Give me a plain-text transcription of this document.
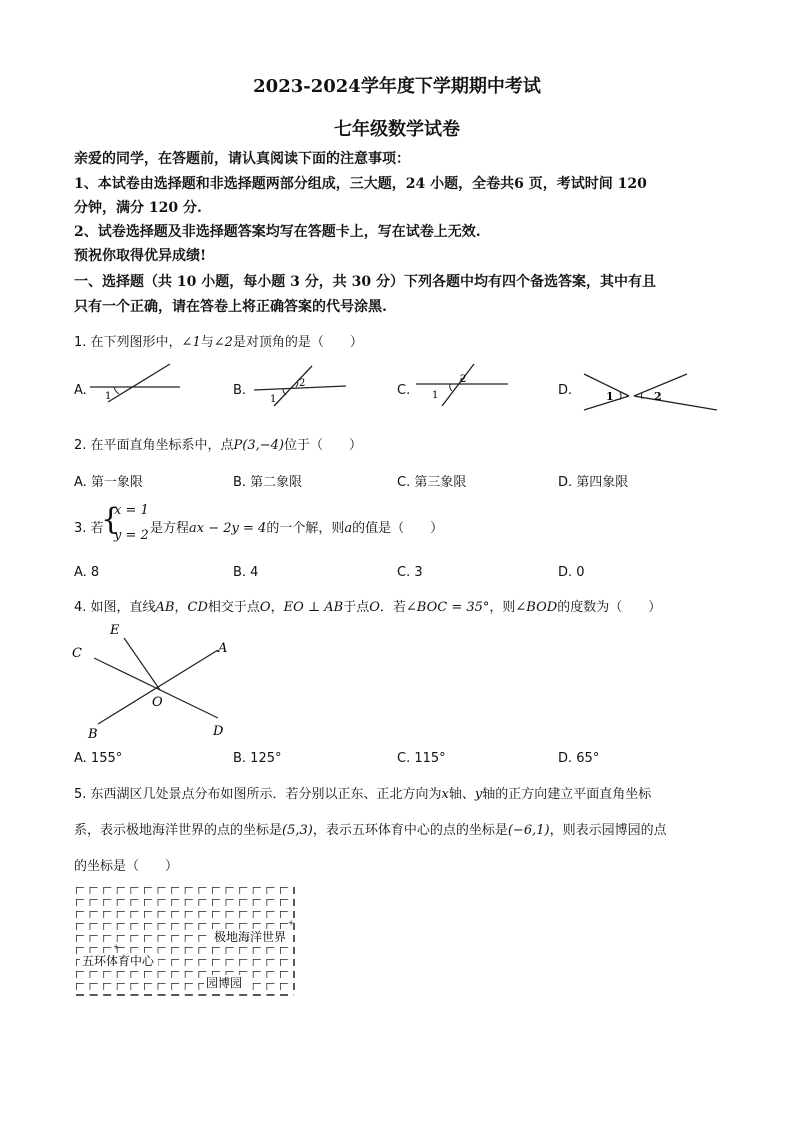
2023-2024学年度下学期期中考试
七年级数学试卷
亲爱的同学，在答题前，请认真阅读下面的注意事项：
1、本试卷由选择题和非选择题两部分组成，三大题，24 小题，全卷共6 页，考试时间 120
分钟，满分 120 分.
2、试卷选择题及非选择题答案均写在答题卡上，写在试卷上无效.
预祝你取得优异成绩!
一、选择题（共 10 小题，每小题 3 分，共 30 分）下列各题中均有四个备选答案，其中有且
只有一个正确，请在答卷上将正确答案的代号涂黑.
1. 在下列图形中，∠1与∠2是对顶角的是（　　）
A. 1	B.
1
2	C. 1
2
D.	1	2
2. 在平面直角坐标系中，点P(3,−4)位于（　　）
A. 第一象限	B. 第二象限	C. 第三象限	D. 第四象限
3. 若
{
x = 1
y = 2 是方程ax − 2y = 4的一个解，则a的值是（　　）
A. 8	B. 4	C. 3	D. 0
4. 如图，直线AB，CD相交于点O，EO ⊥ AB于点O．若∠BOC = 35°，则∠BOD的度数为（　　）
E
C	A
O
B	D
A. 155°	B. 125°	C. 115°	D. 65°
5. 东西湖区几处景点分布如图所示．若分别以正东、正北方向为x轴、y轴的正方向建立平面直角坐标
系，表示极地海洋世界的点的坐标是(5,3)，表示五环体育中心的点的坐标是(−6,1)，则表示园博园的点
的坐标是（　　）
+
+
极地海洋世界
五环体育中心
园博园
